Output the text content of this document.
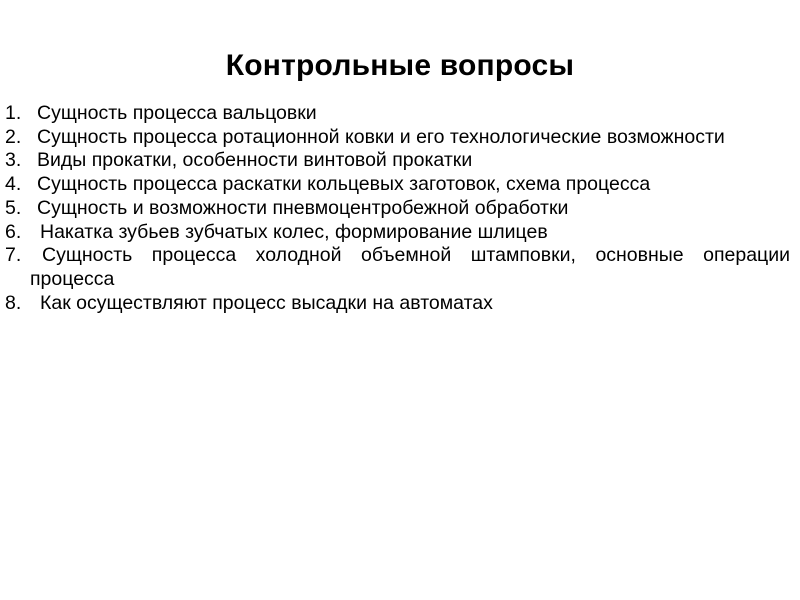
Контрольные вопросы
1. Сущность процесса вальцовки
2. Сущность процесса ротационной ковки и его технологические возможности
3. Виды прокатки, особенности винтовой прокатки
4. Сущность процесса раскатки кольцевых заготовок, схема процесса
5. Сущность и возможности пневмоцентробежной обработки
6. Накатка зубьев зубчатых колес, формирование шлицев
7.	Сущность процесса холодной объемной штамповки, основные операции
процесса
8. Как осуществляют процесс высадки на автоматах
